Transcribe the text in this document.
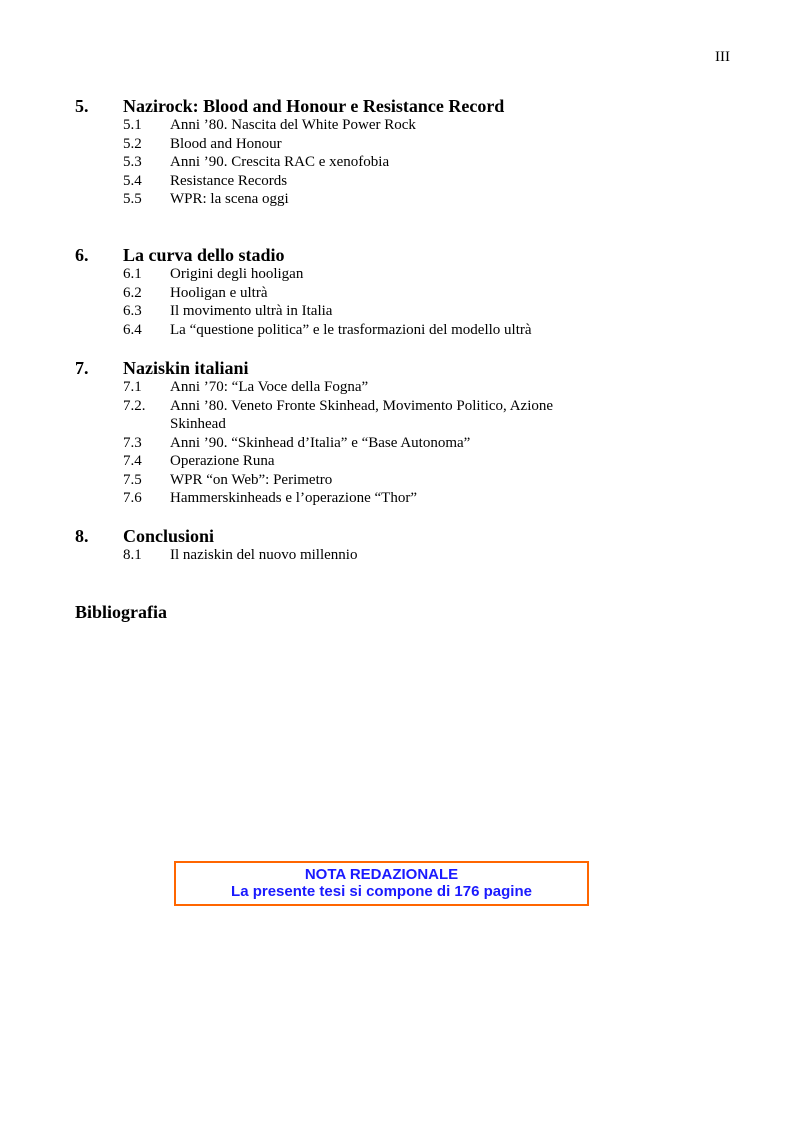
III
5. Nazirock: Blood and Honour e Resistance Record
5.1 Anni ’80. Nascita del White Power Rock
5.2 Blood and Honour
5.3 Anni ’90. Crescita RAC e xenofobia
5.4 Resistance Records
5.5 WPR: la scena oggi
6. La curva dello stadio
6.1 Origini degli hooligan
6.2 Hooligan e ultrà
6.3 Il movimento ultrà in Italia
6.4 La “questione politica” e le trasformazioni del modello ultrà
7. Naziskin italiani
7.1 Anni ’70: “La Voce della Fogna”
7.2. Anni ’80. Veneto Fronte Skinhead, Movimento Politico, Azione Skinhead
7.3 Anni ’90. “Skinhead d’Italia” e “Base Autonoma”
7.4 Operazione Runa
7.5 WPR “on Web”: Perimetro
7.6 Hammerskinheads e l’operazione “Thor”
8. Conclusioni
8.1 Il naziskin del nuovo millennio
Bibliografia
NOTA REDAZIONALE
La presente tesi si compone di 176 pagine
